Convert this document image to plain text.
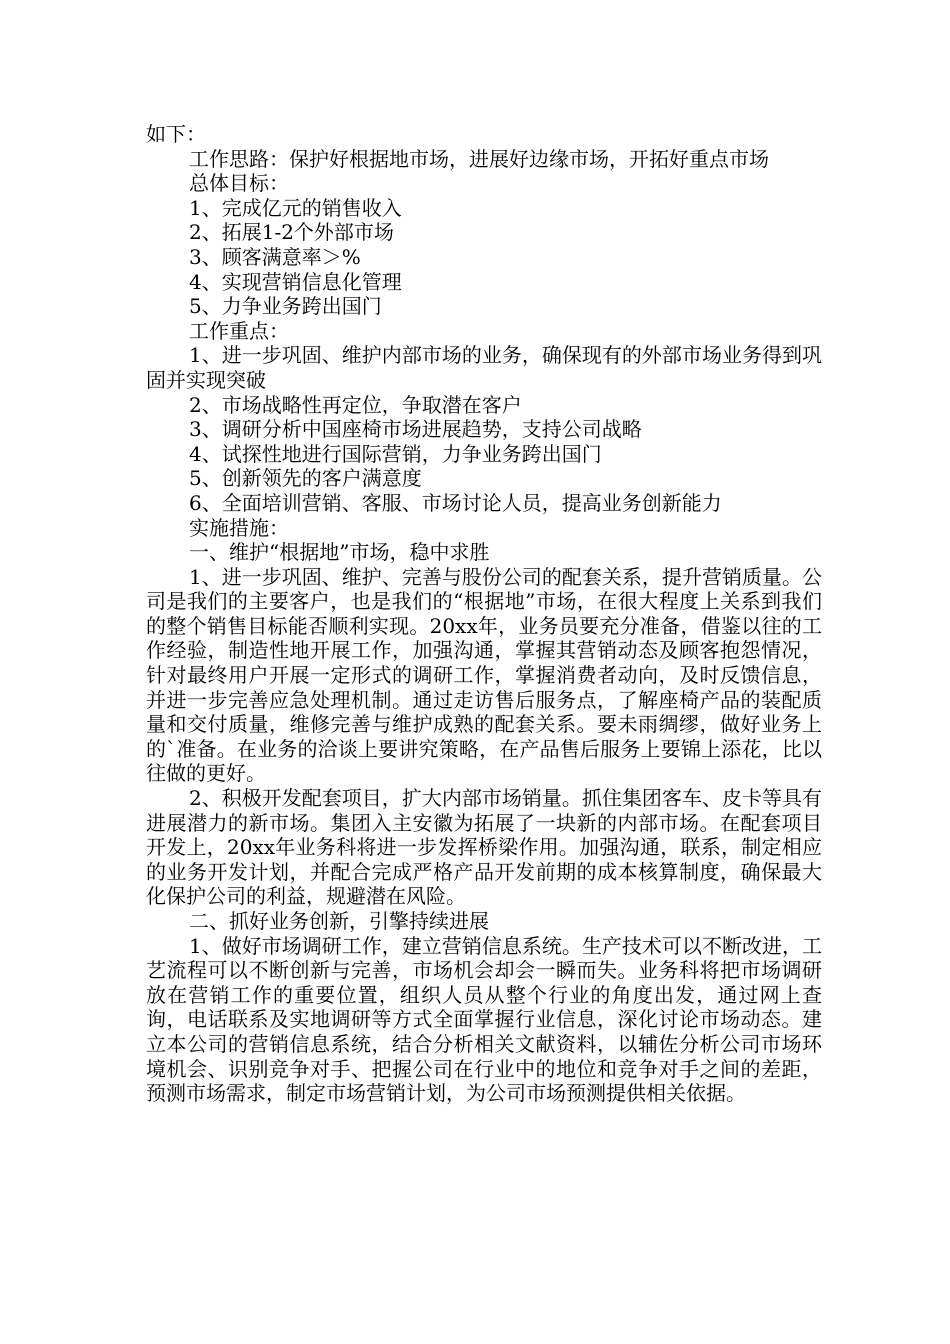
如下：

工作思路：保护好根据地市场，进展好边缘市场，开拓好重点市场

总体目标：

1、完成亿元的销售收入

2、拓展1-2个外部市场

3、顾客满意率＞%

4、实现营销信息化管理

5、力争业务跨出国门

工作重点：

1、进一步巩固、维护内部市场的业务，确保现有的外部市场业务得到巩固并实现突破

2、市场战略性再定位，争取潜在客户

3、调研分析中国座椅市场进展趋势，支持公司战略

4、试探性地进行国际营销，力争业务跨出国门

5、创新领先的客户满意度

6、全面培训营销、客服、市场讨论人员，提高业务创新能力

实施措施：

一、维护“根据地”市场，稳中求胜

1、进一步巩固、维护、完善与股份公司的配套关系，提升营销质量。公司是我们的主要客户，也是我们的“根据地”市场，在很大程度上关系到我们的整个销售目标能否顺利实现。20xx年，业务员要充分准备，借鉴以往的工作经验，制造性地开展工作，加强沟通，掌握其营销动态及顾客抱怨情况，针对最终用户开展一定形式的调研工作，掌握消费者动向，及时反馈信息，并进一步完善应急处理机制。通过走访售后服务点，了解座椅产品的装配质量和交付质量，维修完善与维护成熟的配套关系。要未雨绸缪，做好业务上的`准备。在业务的洽谈上要讲究策略，在产品售后服务上要锦上添花，比以往做的更好。

2、积极开发配套项目，扩大内部市场销量。抓住集团客车、皮卡等具有进展潜力的新市场。集团入主安徽为拓展了一块新的内部市场。在配套项目开发上，20xx年业务科将进一步发挥桥梁作用。加强沟通，联系，制定相应的业务开发计划，并配合完成严格产品开发前期的成本核算制度，确保最大化保护公司的利益，规避潜在风险。

二、抓好业务创新，引擎持续进展

1、做好市场调研工作，建立营销信息系统。生产技术可以不断改进，工艺流程可以不断创新与完善，市场机会却会一瞬而失。业务科将把市场调研放在营销工作的重要位置，组织人员从整个行业的角度出发，通过网上查询，电话联系及实地调研等方式全面掌握行业信息，深化讨论市场动态。建立本公司的营销信息系统，结合分析相关文献资料，以辅佐分析公司市场环境机会、识别竞争对手、把握公司在行业中的地位和竞争对手之间的差距，预测市场需求，制定市场营销计划，为公司市场预测提供相关依据。
